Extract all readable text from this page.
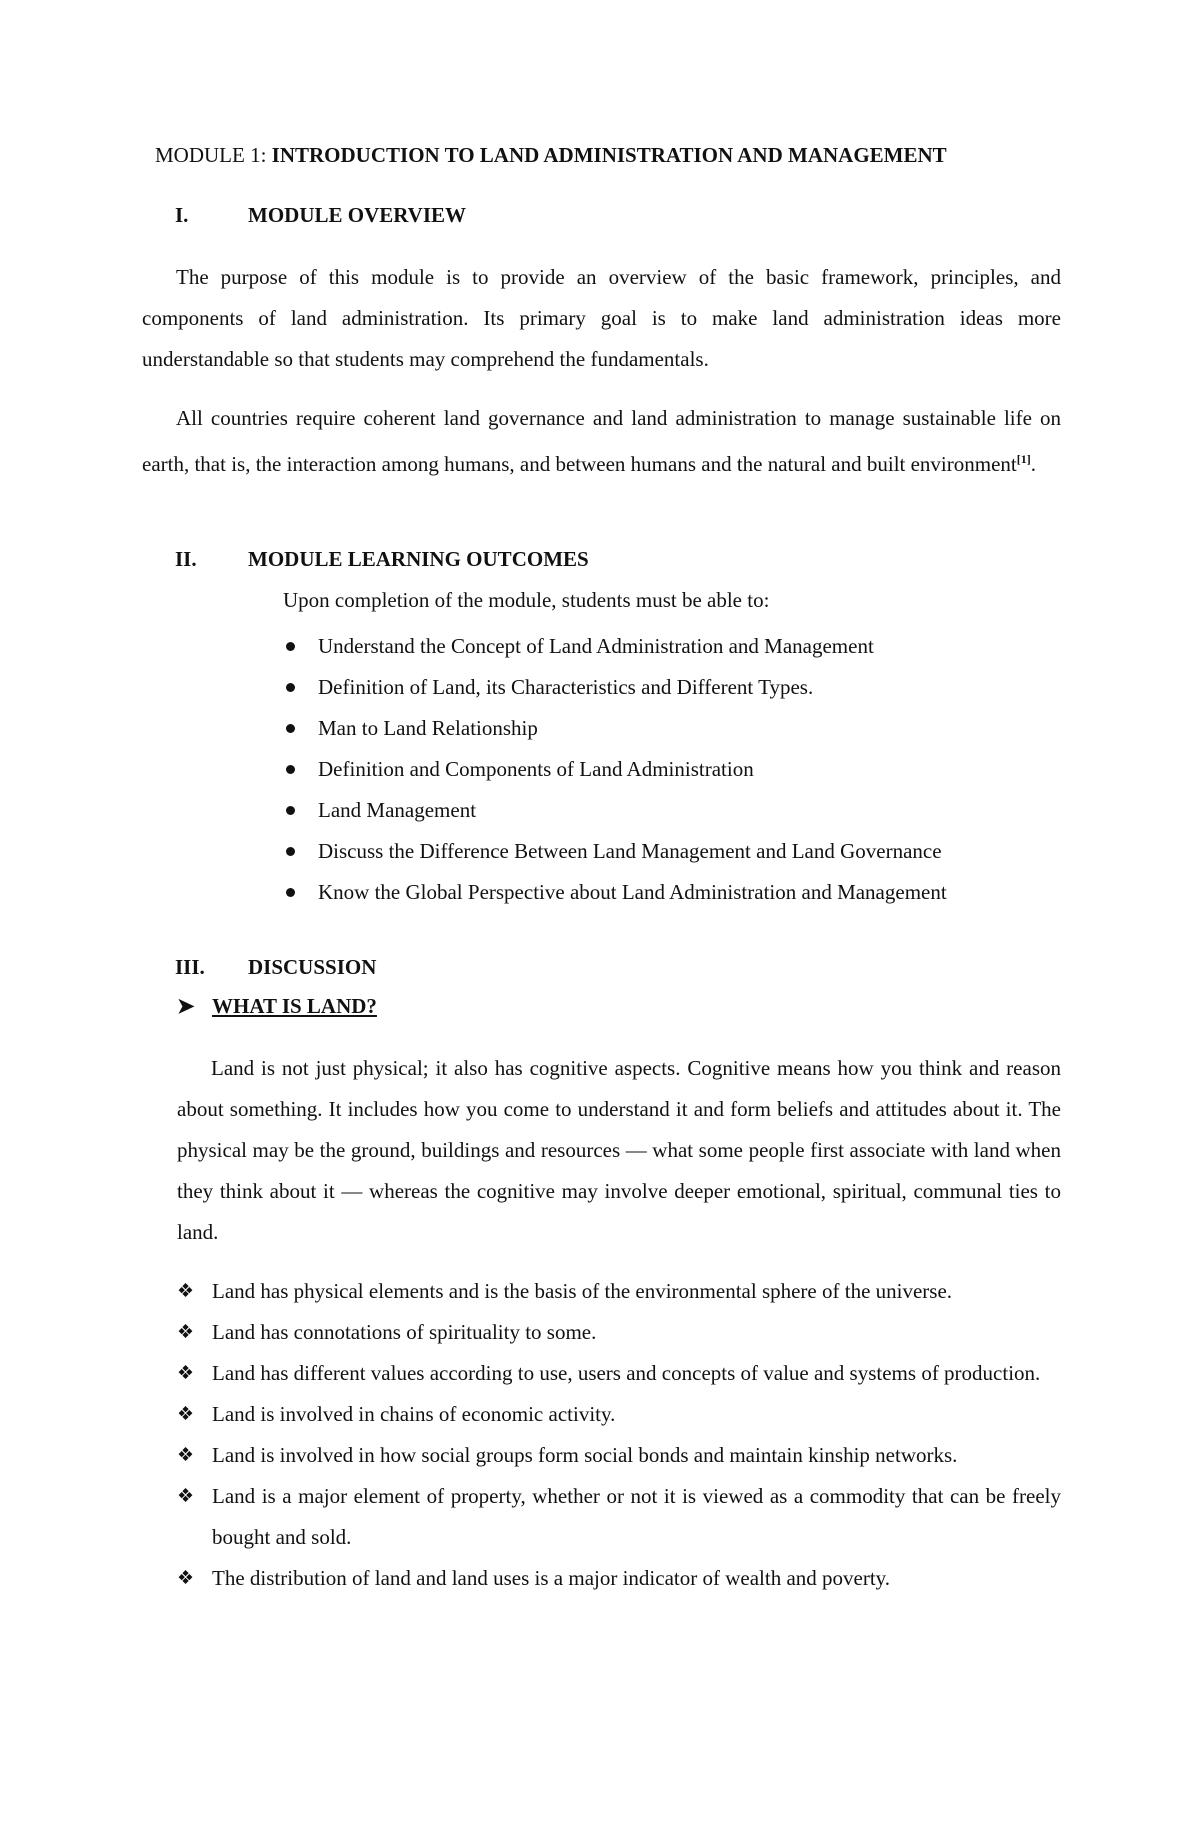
MODULE 1: INTRODUCTION TO LAND ADMINISTRATION AND MANAGEMENT
I.	MODULE OVERVIEW

The purpose of this module is to provide an overview of the basic framework, principles, and components of land administration. Its primary goal is to make land administration ideas more understandable so that students may comprehend the fundamentals.

All countries require coherent land governance and land administration to manage sustainable life on earth, that is, the interaction among humans, and between humans and the natural and built environment[1].

II. MODULE LEARNING OUTCOMES
Upon completion of the module, students must be able to:
Understand the Concept of Land Administration and Management
Definition of Land, its Characteristics and Different Types.
Man to Land Relationship
Definition and Components of Land Administration
Land Management
Discuss the Difference Between Land Management and Land Governance
Know the Global Perspective about Land Administration and Management
III. DISCUSSION
➤ WHAT IS LAND?

Land is not just physical; it also has cognitive aspects. Cognitive means how you think and reason about something. It includes how you come to understand it and form beliefs and attitudes about it. The physical may be the ground, buildings and resources — what some people first associate with land when they think about it — whereas the cognitive may involve deeper emotional, spiritual, communal ties to land.

❖ Land has physical elements and is the basis of the environmental sphere of the universe.
❖ Land has connotations of spirituality to some.
❖ Land has different values according to use, users and concepts of value and systems of production.
❖ Land is involved in chains of economic activity.
❖ Land is involved in how social groups form social bonds and maintain kinship networks.
❖ Land is a major element of property, whether or not it is viewed as a commodity that can be freely bought and sold.
❖ The distribution of land and land uses is a major indicator of wealth and poverty.
